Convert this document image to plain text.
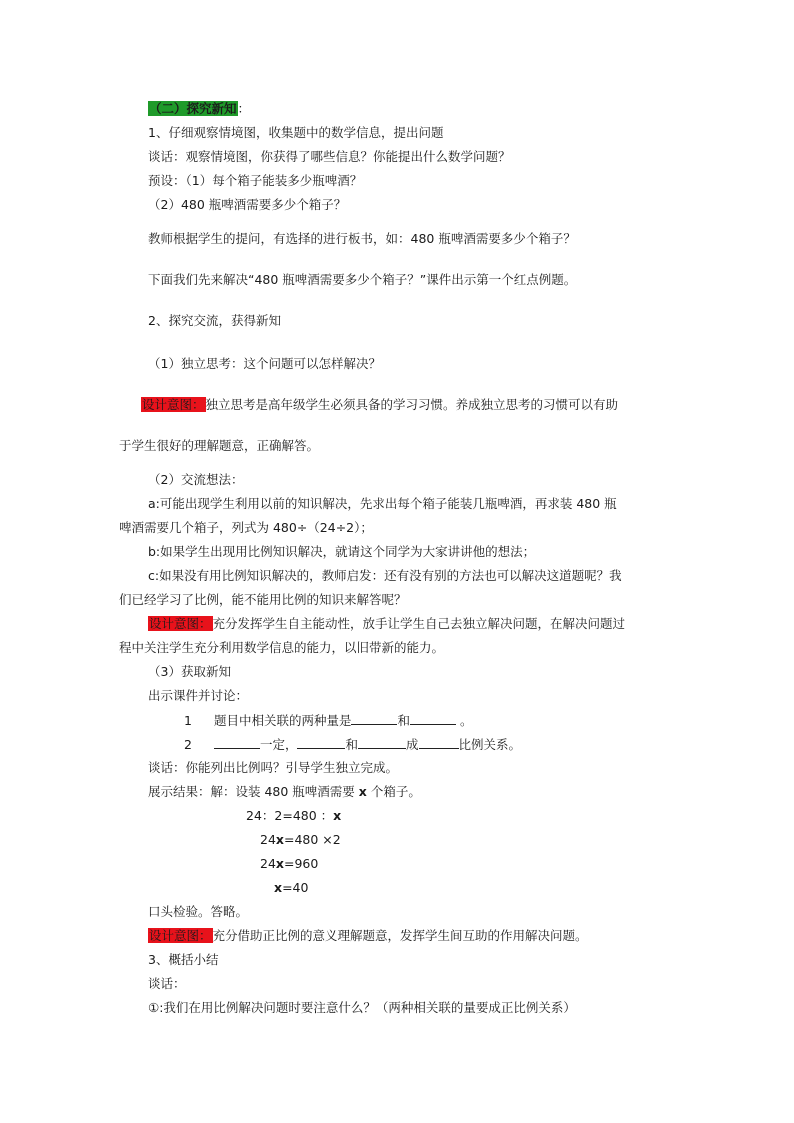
（二）探究新知：
1、仔细观察情境图，收集题中的数学信息，提出问题
谈话：观察情境图，你获得了哪些信息？你能提出什么数学问题？
预设：（1）每个箱子能装多少瓶啤酒？
（2）480 瓶啤酒需要多少个箱子？
教师根据学生的提问，有选择的进行板书，如：480 瓶啤酒需要多少个箱子？
下面我们先来解决“480 瓶啤酒需要多少个箱子？”课件出示第一个红点例题。
2、探究交流，获得新知
（1）独立思考：这个问题可以怎样解决？
设计意图：独立思考是高年级学生必须具备的学习习惯。养成独立思考的习惯可以有助
于学生很好的理解题意，正确解答。
（2）交流想法：
a:可能出现学生利用以前的知识解决，先求出每个箱子能装几瓶啤酒，再求装 480 瓶
啤酒需要几个箱子，列式为 480÷（24÷2）；
b:如果学生出现用比例知识解决，就请这个同学为大家讲讲他的想法；
c:如果没有用比例知识解决的，教师启发：还有没有别的方法也可以解决这道题呢？我
们已经学习了比例，能不能用比例的知识来解答呢？
设计意图：充分发挥学生自主能动性，放手让学生自己去独立解决问题，在解决问题过
程中关注学生充分利用数学信息的能力，以旧带新的能力。
（3）获取新知
出示课件并讨论：
1 题目中相关联的两种量是	和	。
2	一定，	和	成	比例关系。
谈话：你能列出比例吗？引导学生独立完成。
展示结果：解：设装 480 瓶啤酒需要 x 个箱子。
24：2=480 ：x
24x=480 ×2
24x=960
x=40
口头检验。答略。
设计意图：充分借助正比例的意义理解题意，发挥学生间互助的作用解决问题。
3、概括小结
谈话：
①:我们在用比例解决问题时要注意什么？（两种相关联的量要成正比例关系）
